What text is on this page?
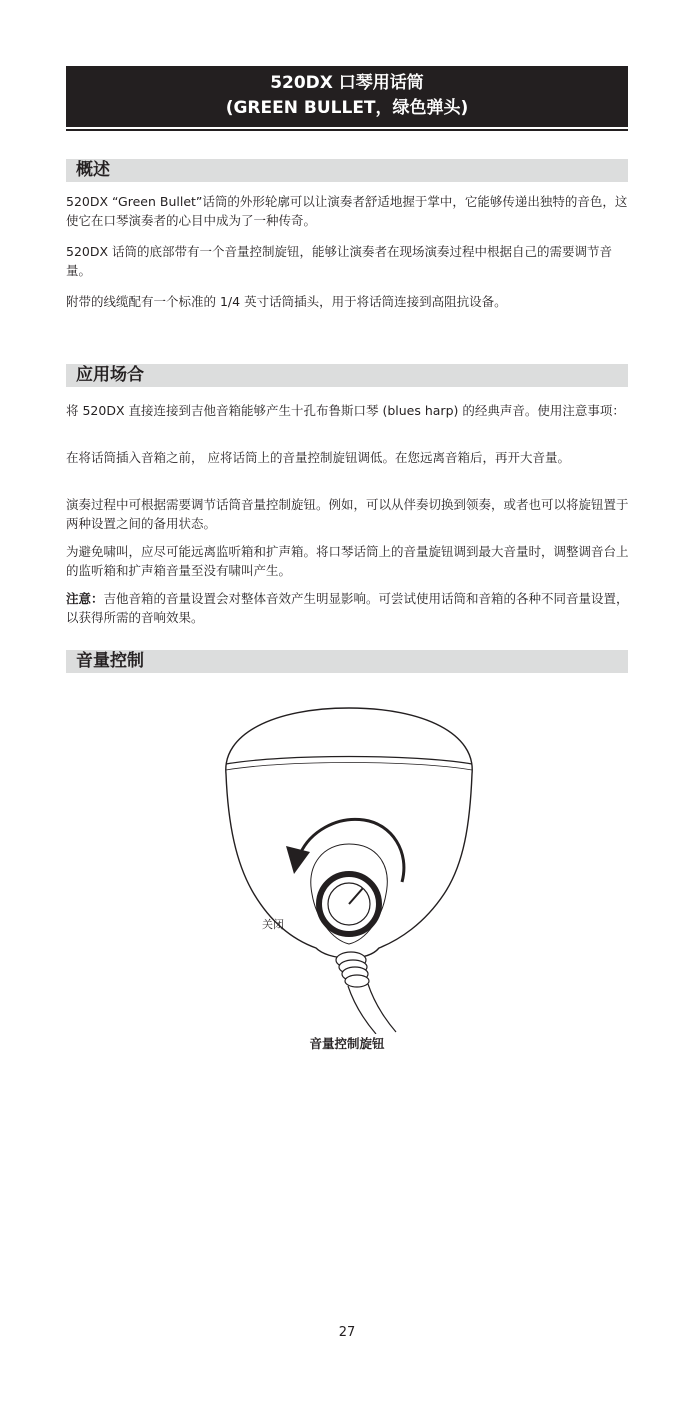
520DX 口琴用话筒
(GREEN BULLET，绿色弹头)
概述

520DX “Green Bullet”话筒的外形轮廓可以让演奏者舒适地握于掌中，它能够传递出独特的音色，这使它在口琴演奏者的心目中成为了一种传奇。

520DX 话筒的底部带有一个音量控制旋钮，能够让演奏者在现场演奏过程中根据自己的需要调节音量。

附带的线缆配有一个标准的 1/4 英寸话筒插头，用于将话筒连接到高阻抗设备。

应用场合

将 520DX 直接连接到吉他音箱能够产生十孔布鲁斯口琴 (blues harp) 的经典声音。使用注意事项：

在将话筒插入音箱之前， 应将话筒上的音量控制旋钮调低。在您远离音箱后，再开大音量。

演奏过程中可根据需要调节话筒音量控制旋钮。例如，可以从伴奏切换到领奏，或者也可以将旋钮置于两种设置之间的备用状态。

为避免啸叫，应尽可能远离监听箱和扩声箱。将口琴话筒上的音量旋钮调到最大音量时，调整调音台上的监听箱和扩声箱音量至没有啸叫产生。

注意：吉他音箱的音量设置会对整体音效产生明显影响。可尝试使用话筒和音箱的各种不同音量设置，以获得所需的音响效果。

音量控制
关闭
音量控制旋钮
27
